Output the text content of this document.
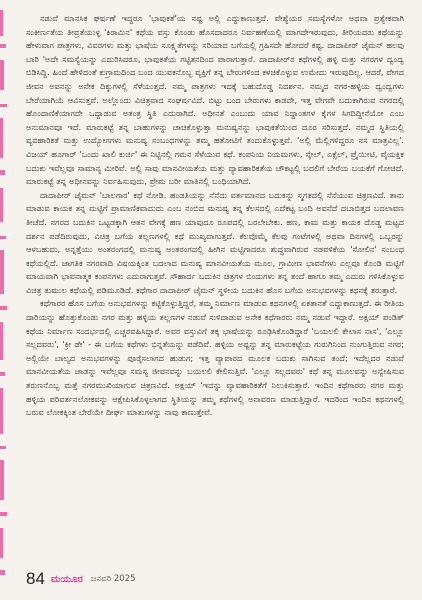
ನಡುವೆ ಮಾನಸಿಕ ಘರ್ಷಣೆ ಇದ್ದರೂ 'ಭಾವುಕತೆ'ಯ ನಷ್ಟ ಅಲ್ಲಿ ಎದ್ದುಕಾಣುತ್ತದೆ. ವೇಶ್ಯೆಯರ ಸಮಸ್ಯೆಗಳೋ ಅಥವಾ ಪ್ರತ್ಯೇಕವಾಗಿ ಸಂಕೀರ್ಣತೆಯ ತೀವ್ರತೆಯುಳ್ಳ 'ಕಿರಾಮಿನ' ಕಥೆಯ ವಸ್ತು ಕೊಂಡು ಹೊಸದಾದರೂ ನಿರ್ವಹಣೆಯಲ್ಲಿ ಮಾಗದೇಇರುವುದು, ತೀರಿಯದರು ಕಥೆಯನ್ನು ಹೇಳುವಾಗ ಪಾತ್ರಗಳು, ವಿವರಗಳು ಮತ್ತು ಭಾಷೆಯ ಸೂಕ್ಷ್ಮತೆಗಳನ್ನು ಸರಿಯಾದ ಬಗೆಯಲ್ಲಿ ಗ್ರಹಿಸದೇ ಹೋದರೆ ಕಷ್ಟ. ದಾದಾಪೀರ್ ಜೈಮನ್ ಹಲವು ಬಾರಿ 'ಅದೇ ಸಮಸ್ಯೆಯನ್ನು ಎದುರಿಸಿದರೂ, ಭಾವುಕತೆಯ ಗಟ್ಟಿತನದಿಂದ ಪಾರಾಗುತ್ತಾರೆ. ದಾದಾಪೀರ್‌ರ ಕಥೆಗಳಲ್ಲಿ ಹಳ್ಳಿ ಮತ್ತು ನಗರಗಳ ದ್ವಂದ್ವ ಬಿಡಿಸಿದ್ದಿ. ಹಿಂದೆ ಹೇಳಿದಂತೆ ಕುಗ್ರಾಮದಿಂದ ಬಂದ ಯುವಕನೊಬ್ಬ ವ್ಯಕ್ತಿಗೆ ತನ್ನ ಬೇರುಗಳಿಂದ ಕಳಚಿಕೊಳ್ಳುವ ಉಮೇದು ಇರುವುದಿಲ್ಲ. ಆದರೆ, ವೇಗದ ಜೀವನ ಅವನನ್ನು ಅನೇಕ ದಿಕ್ಕುಗಳಲ್ಲಿ ಸೆಳೆಯುತ್ತದೆ. ನಮ್ಮ ಪಾತ್ರಗಳು ಇದಕ್ಕೆ ಬಹುದೊಡ್ಡ ನಿದರ್ಶನ. ನಮ್ಮದ ನಗರ-ಹಳ್ಳಿಯ ದ್ವಂದ್ವಗಳು ಬೇರೆಯಾಗಿಯೆ ಆವಿಸುತ್ತವೆ. ಅಲ್ಲೊಂದು ವಿಚಿತ್ರವಾದ ಸಂಘರ್ಷವಿದೆ. ಬಿಟ್ಟು ಬಂದ ಬೇರುಗಳು ಕಾಡದೇ, ಇತ್ತ ವೇಗವೇ ಬದುಕಾಗಿರುವ ನಗರದಲ್ಲಿ ಹೊಂದಾಣಿಕೆಯಾಗದೇ ಒದ್ದಾಡುವ ಅತಂತ್ರ ಸ್ಥಿತಿ ಎದುರಾಗಿದೆ. ಅಧೀನತೆ ಎಂಬುದು ಯಾವ ನಿದ್ದಾಂತಗಳ ಕೈಗಳ ಸಿಗದಿದ್ದೀನೆಯೋ ಎಂಬ ಅನುಮಾನವೂ ಇದೆ. ಮಾರುಕಟ್ಟೆ ತನ್ನ ಬಾಹುಗಳನ್ನು ಚಾಚಿಕೊಳ್ಳುತ್ತಾ ಮನುಷ್ಯನನ್ನು ಭಾವುಕತೆಯಿಂದ ದೂರ ಸರಿಸುತ್ತದೆ. ನಮ್ಮದ ಸ್ಥಿತಿಯಲ್ಲಿ ವ್ಯವಹಾರಿಕತೆ ಮತ್ತು ಉದ್ಯೋಗಗಳು ಮನುಷ್ಯ ಸಂಬಂಧಗಳನ್ನು ತಮ್ಮ ಹತೋಟಿಗೆ ತಂದುಕೊಳ್ಳುತ್ತವೆ. 'ಅಲ್ಲಿ ಮೆಲ್ಲಿಗಳಿದ್ದರೂ ನಸ ಮಾತ್ರವಿಲ್ಲ'. ವಿಜಯ್ ಹೂಗಾರ್ 'ಒಂದು ಖಾಲಿ ಕುರ್ಚಿ' ಈ ನಿಟ್ಟಿನಲ್ಲಿ ಗಮನ ಸೆಳೆಯುವ ಕಥೆ. ಕಂಪನಿಯ ನಿಯಮಗಳು, ಸ್ಕೇಲ್, ಎಕ್ಸೆಲ್, ಪ್ರೈಯೀಟಿ, ವೈಯಕ್ತಿಕ ಬದುಕು ಇವೆಲ್ಲವೂ ಸಾಮಾನ್ಯ ಮೀರಿವೆ. ಅಲ್ಲಿ ಸಾವು ಮಾನವೀಯತೆಯ ಮತ್ತು ವ್ಯಾವಹಾರಿಕತೆಯ ಚೌಕಟ್ಟಲ್ಲಿ ಬದಲಿಗೆ ಬೇರೆಯ ಬಯಕೆಗೆ ಗೋಚಿದೆ. ಮಾರುಕಟ್ಟೆ ತನ್ನ ಅಧೀನವನ್ನು ನಿರ್ವಹಿಸುವುದು, ಪ್ರೇಮ ಬರೀ ಮಾತಿನಲ್ಲಿ ಬಂಧಿಯಾಗಿದೆ.

ದಾದಾಪೀರ್ ಜೈಮನ್ 'ಬಾಲಗಾರ' ಕಥೆ ನೋಡಿ. ಹಂಡತಿಯನ್ನು ನೆನೆದು ವರ್ತಮಾನದ ಬದುಕನ್ನು ಸ್ಮಗತದಲ್ಲಿ ನೆನೆಯುವ ಚಿತ್ರಣವಿದೆ. ತಾನು ಮಾಡುವ ಕಾಯಕ ತನ್ನ ಮಟ್ಟಿಗೆ ಪ್ರಾಮಾಣಿಕವಾದುದು ಎಂಬ ನಂಬಿದ ಮನುಷ್ಯ ತನ್ನ ಕೆಲಸದಲ್ಲಿ ಎದೆಕಟ್ಟ ಬಂದಿ ಅವನೆದೆ ದಬಾಬಿತ್ತದ ಬದಲಾವಣ ತೀಚೆದೆ. ನಗರದ ಬದುಕಿನ ಒಟ್ಟಡಕ್ಕಾಗಿ ಆತನ ವೇಗಕ್ಕೆ ಹಣ ಯಾವುದೂ ರೂಪದಲ್ಲಿ ಬರಲೇಬೇಕು. ಹಣ, ಕಾಮ ಮತ್ತು ಕಾಯಕ ದೊಡ್ಡ ಮಟ್ಟದ ದರ್ಶನ ಪಡೆದಿರುವುದು, ವಿಚಿತ್ರ ಬಗೆಯ ತಲ್ಲಣಗಳಲ್ಲಿ ಕಥೆ ಮುಖ್ಯವಾಗುತ್ತದೆ. ಕೆಲವೊಮ್ಮೆ ಕೆಲವು ಗಂಟೆಗಳಲ್ಲಿ ಅಥವಾ ದಿನಗಳಲ್ಲಿ ಒಬ್ಬರನ್ನು ಆಳಬಹುದು, ಅನ್ನತ್ತೆಯು ಅಂತರಂಗದಲ್ಲಿ ಮನುಷ್ಯ ಅಂತರಂಗದಲ್ಲಿ ಹೀಗಿನ ಮಟ್ಟಿಗಾದರೂ ಶುದ್ಧವಾಗಿರುವ ನಡವಳಿಕೆಯ 'ಸೋಲಿನ' ಸಂಬಂಧ ಕಥೆಯಲ್ಲಿದೆ. ಜಾಗತಿಕ ನಗರವಾದಿ ವಿಷಯಕ್ಕಿಂತ ಬದಲಾದ ಮನುಷ್ಯ ಮಾನವೀಯತೆಯ ಮೂಲ, ಗ್ರಾಮೀಣ ಭಾವನೆಗಳು ಎಲ್ಲವೂ ಕೊಂಡಿ ಮಟ್ಟಿಗೆ ಮಾಯವಾಗಿ ಭಾವನಾತ್ಮಕ ಕಂಪನಗಳು ಎದುರಾಗುತ್ತವೆ. ಸೌಹಾರ್ದ ಬದುಕಿನ ಚಿತ್ರಗಳ ಬಿಂದುಗಳು ತನ್ನ ತಂದೆ ಹಾಗೂ ತಮ್ಮ ಎದುರು ಗಳಿಸಿಕೊಳ್ಳುವ ವಿಚಿತ್ರ ತುಮುಲ ಕಥೆಯಲ್ಲಿ ಪಡಿಮೂಡಿದೆ. ಕಥೆಗಾರ ದಾದಾಪೀರ್ ಜೈಮನ್ ಸ್ಥಳೀಯ ಬದುಕಿನ ಹೊಸ ಬಗೆಯ ಅನುಭವಗಳನ್ನು ಕಥನಕ್ಕೆ ತರುತ್ತಾರೆ.

ಕಥೆಗಾರರ ಹೊಸ ಬಗೆಯ ಅನುಭವಗಳನ್ನು ಕಟ್ಟಿಕೊಳ್ಳುತ್ತಿದ್ದರೆ, ತಮ್ಮ ನಿರ್ಮಾಣ ಮಾಡುವ ಕಥನಗಳಲ್ಲಿ ಏಕತಾನತೆ ಎದ್ದುಕಾಣುತ್ತದೆ. ಈ ರೀತಿಯ ದಾರಿಯನ್ನು ಹೊತ್ತುಕೊಂಡು ನಗರ ಮತ್ತು ಹಳ್ಳಿಯ ತಲ್ಲಣಗಳ ನಡುವೆ ಸುಳಿದಾಡುವ ಅನೇಕ ಕಥೆಗಾರರು ನಮ್ಮ ನಡುವೆ ಇದ್ದಾರೆ. ಅಕ್ಷಯ್ ಪಂಡಿತ್ ಕಥೆಯ ನಿರ್ಮಾಣ ಸಂದರ್ಭದಲ್ಲಿ ಎಚ್ಚರವಹಿಸಿದ್ದಾರೆ. ಅವರ ವಸ್ತುವಿಗೆ ತಕ್ಕ ಭಾಷೆಯನ್ನು ರೂಢಿಸಿಕೊಂಡಿದ್ದಾರೆ 'ಬಯಲಲಿ ಕೇಲಾಸ ನಾಸ', 'ಎಲ್ಲೂ ಸಲ್ಲದವರು', 'ಕ್ರೀ ಡೇ' - ಈ ಬಗೆಯ ಕಥೆಗಳು ಭಿನ್ನತೆಯನ್ನು ಪಡೆದಿವೆ. ಹಳ್ಳಿಯ ಅಷ್ಟನ್ನು ತನ್ನ ಮಾರುಕಟ್ಟೆಯ ಗುರುಗಿನಿಂದ ನುಂಗುತ್ತಿರುವ ನಗರ; ಅಲ್ಲಿಯೇ ಬಾಲ್ಯದ ಅನುಭವಗಳನ್ನು ಪೂರೈಸಲಾಗದ ಹುಡುಗ; ಇತ್ತ ವ್ಯಾಪಾರದ ಮೂಲಕ ಬದುಕು ಸಾಗಿಸುವ ತಂದೆ; ಇದೆಲ್ಲದರ ನಡುವೆ ಮಾನವೀಯತೆಯ ಜಾಡನ್ನು ಇವೆಲ್ಲವೂ ಸಮಸ್ಯ ಜೀವನವನ್ನು ಬಯಲಲಿ ಕೇಲಿಸುತ್ತಿವೆ. 'ಎಲ್ಲೂ ಸಲ್ಲದವರು' ಕಥೆ ತನ್ನ ಮೂಲವನ್ನು ಅನ್ವೇಷಿಸುವ ತರುಣನೊಬ್ಬ ಮತ್ತೆ ನಗರಮುಖಿಯಾಗುವ ಚಿತ್ರಣವಿದೆ. ಅಕ್ಷಯ್ 'ಇದನ್ನು ವ್ಯಾವಹಾರಿಕತೆಗೆ ನಿಲುಕಿಸುತ್ತಾರೆ. ಇಂದಿನ ಕಥೆಗಾರರು ನಗರ ಮತ್ತು ಹಳ್ಳಿಯ ಪರಿವರ್ತನಲೋಕವನ್ನು ಆಕ್ಷೇಪಿಸಿಕೊಳ್ಳಲಾಗದ ಸ್ಥಿತಿಯನ್ನು ತಮ್ಮ ಕಥೆಗಳಲ್ಲಿ ಅನಾವರಣ ಮಾಡುತ್ತಿದ್ದಾರೆ. ಇದರಿಂದ ಇಂದಿನ ಕಥನಗಳಲ್ಲಿ ಬರುವ ಲೋಕಕ್ಕಿಂತ ಬೇರೆಯೇ ದೀರ್ಘ ಮಾತುಗಳನ್ನು ನಾವು ಕಾಣುತ್ತೇವೆ.

84 ಮಯೂರ ಜನವರಿ 2025
